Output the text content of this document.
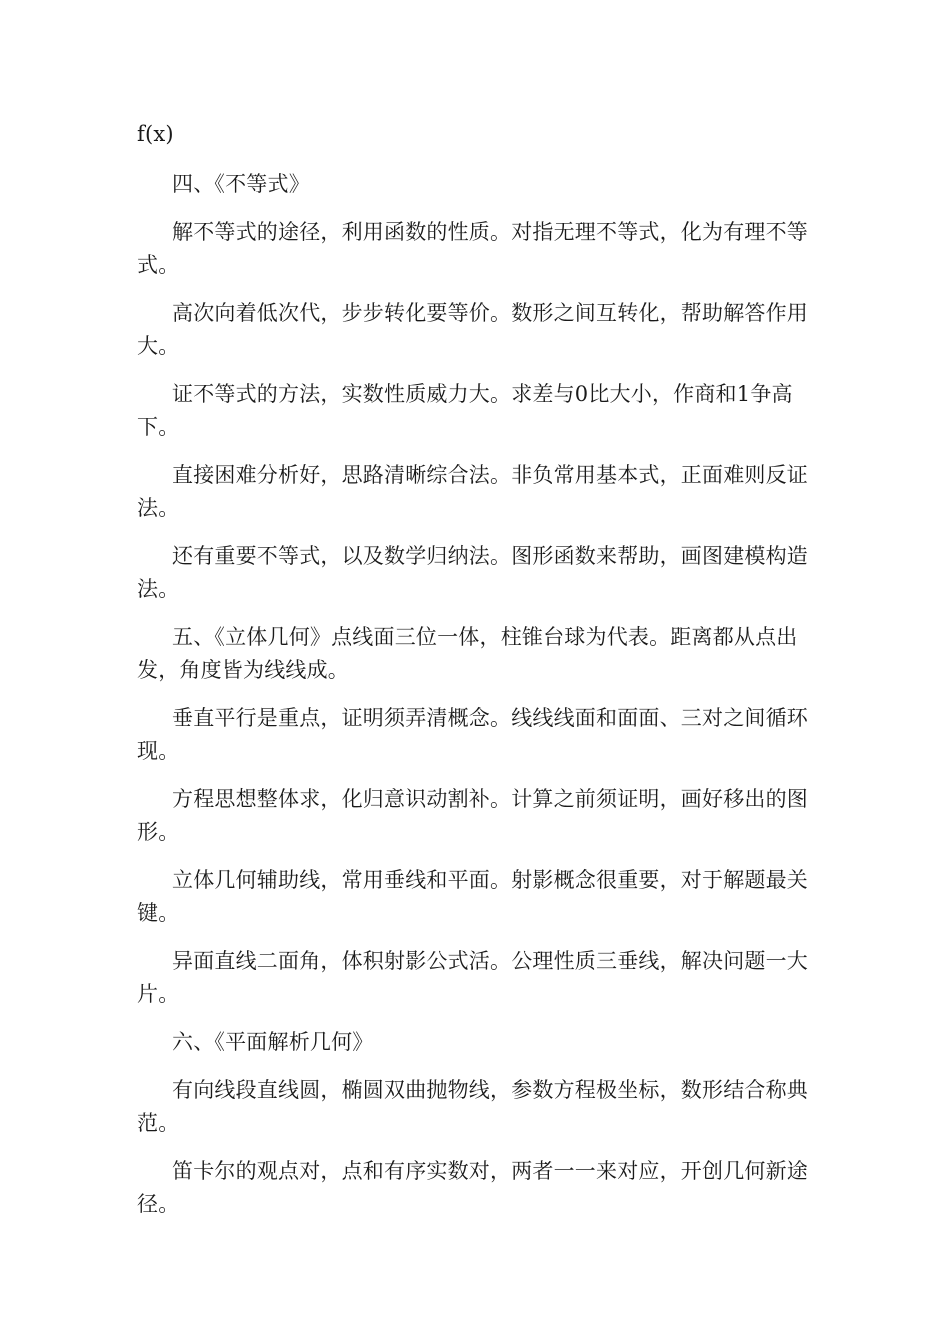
f(x)

四、《不等式》

解不等式的途径，利用函数的性质。对指无理不等式，化为有理不等式。

高次向着低次代，步步转化要等价。数形之间互转化，帮助解答作用大。

证不等式的方法，实数性质威力大。求差与0比大小，作商和1争高下。

直接困难分析好，思路清晰综合法。非负常用基本式，正面难则反证法。

还有重要不等式，以及数学归纳法。图形函数来帮助，画图建模构造法。

五、《立体几何》点线面三位一体，柱锥台球为代表。距离都从点出发，角度皆为线线成。

垂直平行是重点，证明须弄清概念。线线线面和面面、三对之间循环现。

方程思想整体求，化归意识动割补。计算之前须证明，画好移出的图形。

立体几何辅助线，常用垂线和平面。射影概念很重要，对于解题最关键。

异面直线二面角，体积射影公式活。公理性质三垂线，解决问题一大片。

六、《平面解析几何》

有向线段直线圆，椭圆双曲抛物线，参数方程极坐标，数形结合称典范。

笛卡尔的观点对，点和有序实数对，两者一一来对应，开创几何新途径。
